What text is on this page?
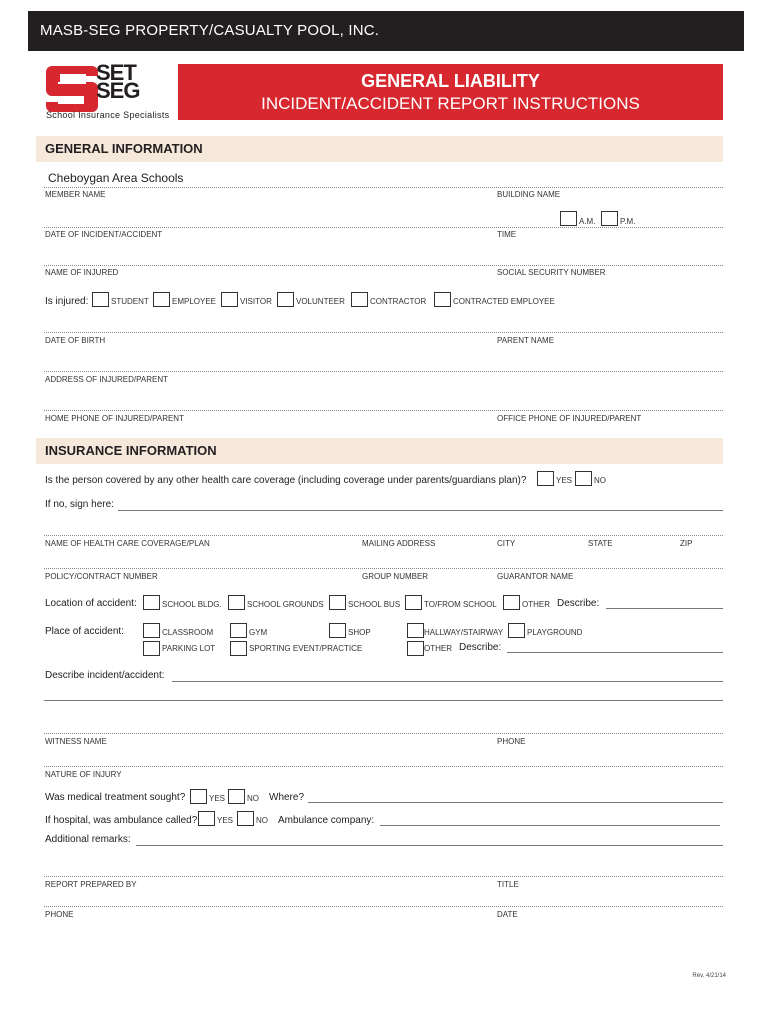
MASB-SEG PROPERTY/CASUALTY POOL, INC.
SET
SEG
School Insurance Specialists
GENERAL LIABILITY
INCIDENT/ACCIDENT REPORT INSTRUCTIONS
GENERAL INFORMATION
Cheboygan Area Schools
MEMBER NAME	BUILDING NAME
A.M.	P.M.
DATE OF INCIDENT/ACCIDENT	TIME
NAME OF INJURED	SOCIAL SECURITY NUMBER
Is injured:	STUDENT	EMPLOYEE	VISITOR	VOLUNTEER	CONTRACTOR	CONTRACTED EMPLOYEE
DATE OF BIRTH	PARENT NAME
ADDRESS OF INJURED/PARENT
HOME PHONE OF INJURED/PARENT	OFFICE PHONE OF INJURED/PARENT
INSURANCE INFORMATION
Is the person covered by any other health care coverage (including coverage under parents/guardians plan)?	YES	NO
If no, sign here:
NAME OF HEALTH CARE COVERAGE/PLAN	MAILING ADDRESS	CITY	STATE	ZIP
POLICY/CONTRACT NUMBER	GROUP NUMBER	GUARANTOR NAME
Location of accident:	SCHOOL BLDG.	SCHOOL GROUNDS	SCHOOL BUS	TO/FROM SCHOOL	OTHER Describe:
Place of accident:	CLASSROOM	GYM	SHOP	HALLWAY/STAIRWAY	PLAYGROUND
PARKING LOT	SPORTING EVENT/PRACTICE	OTHER Describe:
Describe incident/accident:
WITNESS NAME	PHONE
NATURE OF INJURY
Was medical treatment sought?	YES	NO Where?
If hospital, was ambulance called? YES	NO Ambulance company:
Additional remarks:
REPORT PREPARED BY	TITLE
PHONE	DATE
Rev. 4/21/14
